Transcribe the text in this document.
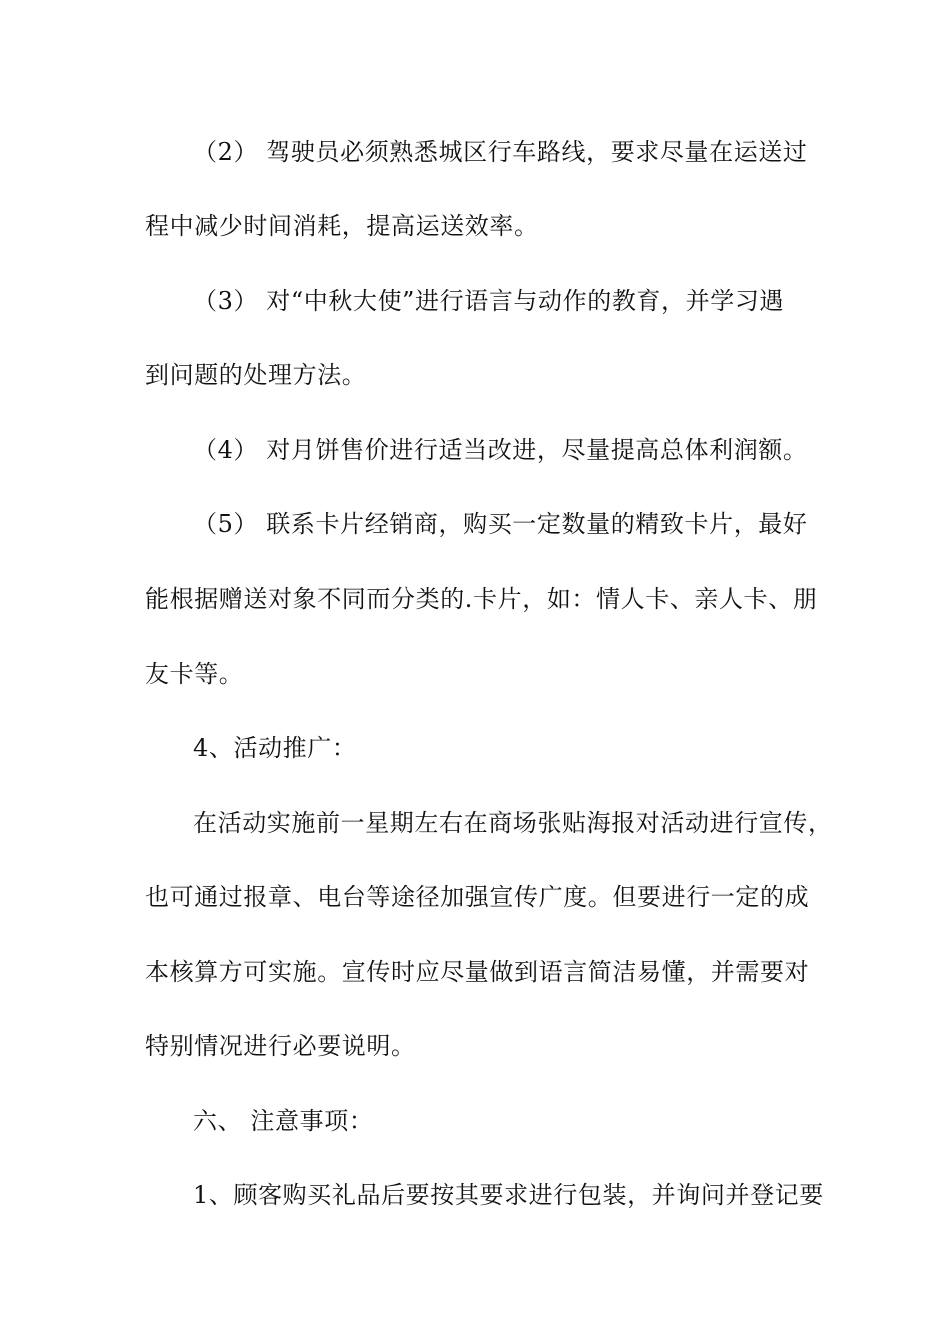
（2） 驾驶员必须熟悉城区行车路线，要求尽量在运送过
程中减少时间消耗，提高运送效率。
（3） 对“中秋大使”进行语言与动作的教育，并学习遇
到问题的处理方法。
（4） 对月饼售价进行适当改进，尽量提高总体利润额。
（5） 联系卡片经销商，购买一定数量的精致卡片，最好
能根据赠送对象不同而分类的.卡片，如：情人卡、亲人卡、朋
友卡等。
4、活动推广：
在活动实施前一星期左右在商场张贴海报对活动进行宣传，
也可通过报章、电台等途径加强宣传广度。但要进行一定的成
本核算方可实施。宣传时应尽量做到语言简洁易懂，并需要对
特别情况进行必要说明。
六、 注意事项：
1、顾客购买礼品后要按其要求进行包装，并询问并登记要
